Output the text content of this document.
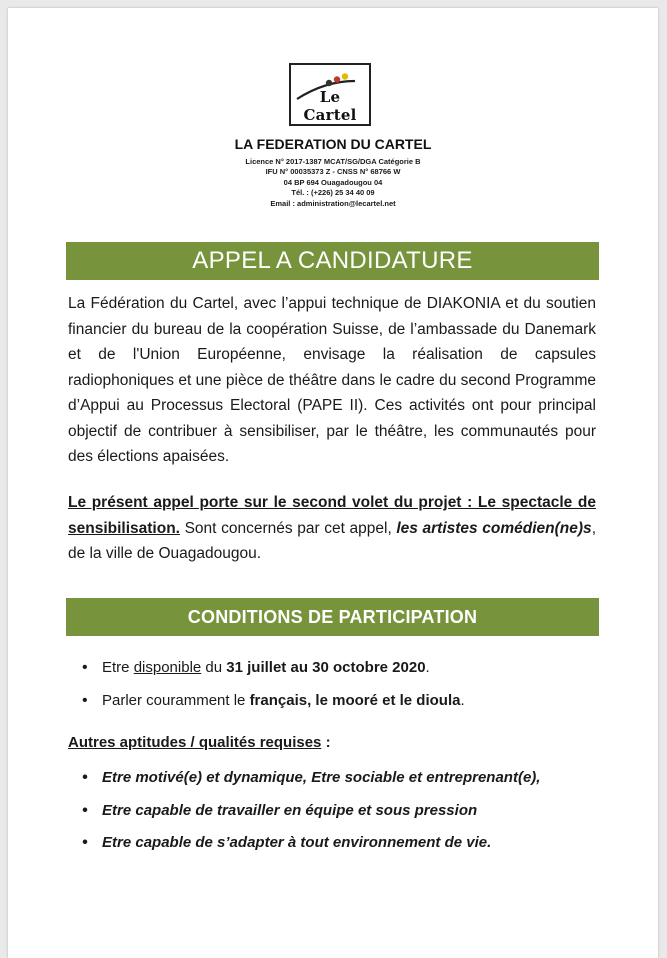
Le Cartel
LA FEDERATION DU CARTEL
Licence N° 2017-1387 MCAT/SG/DGA Catégorie B
IFU N° 00035373 Z - CNSS N° 68766 W
04 BP 694 Ouagadougou 04
Tél. : (+226) 25 34 40 09
Email : administration@lecartel.net
APPEL A CANDIDATURE
La Fédération du Cartel, avec l’appui technique de DIAKONIA et du soutien financier du bureau de la coopération Suisse, de l’ambassade du Danemark et de l'Union Européenne, envisage la réalisation de capsules radiophoniques et une pièce de théâtre dans le cadre du second Programme d’Appui au Processus Electoral (PAPE II). Ces activités ont pour principal objectif de contribuer à sensibiliser, par le théâtre, les communautés pour des élections apaisées.
Le présent appel porte sur le second volet du projet : Le spectacle de sensibilisation. Sont concernés par cet appel, les artistes comédien(ne)s, de la ville de Ouagadougou.
CONDITIONS DE PARTICIPATION
• Etre disponible du 31 juillet au 30 octobre 2020.
• Parler couramment le français, le mooré et le dioula.
Autres aptitudes / qualités requises :
• Etre motivé(e) et dynamique, Etre sociable et entreprenant(e),
• Etre capable de travailler en équipe et sous pression
• Etre capable de s’adapter à tout environnement de vie.
